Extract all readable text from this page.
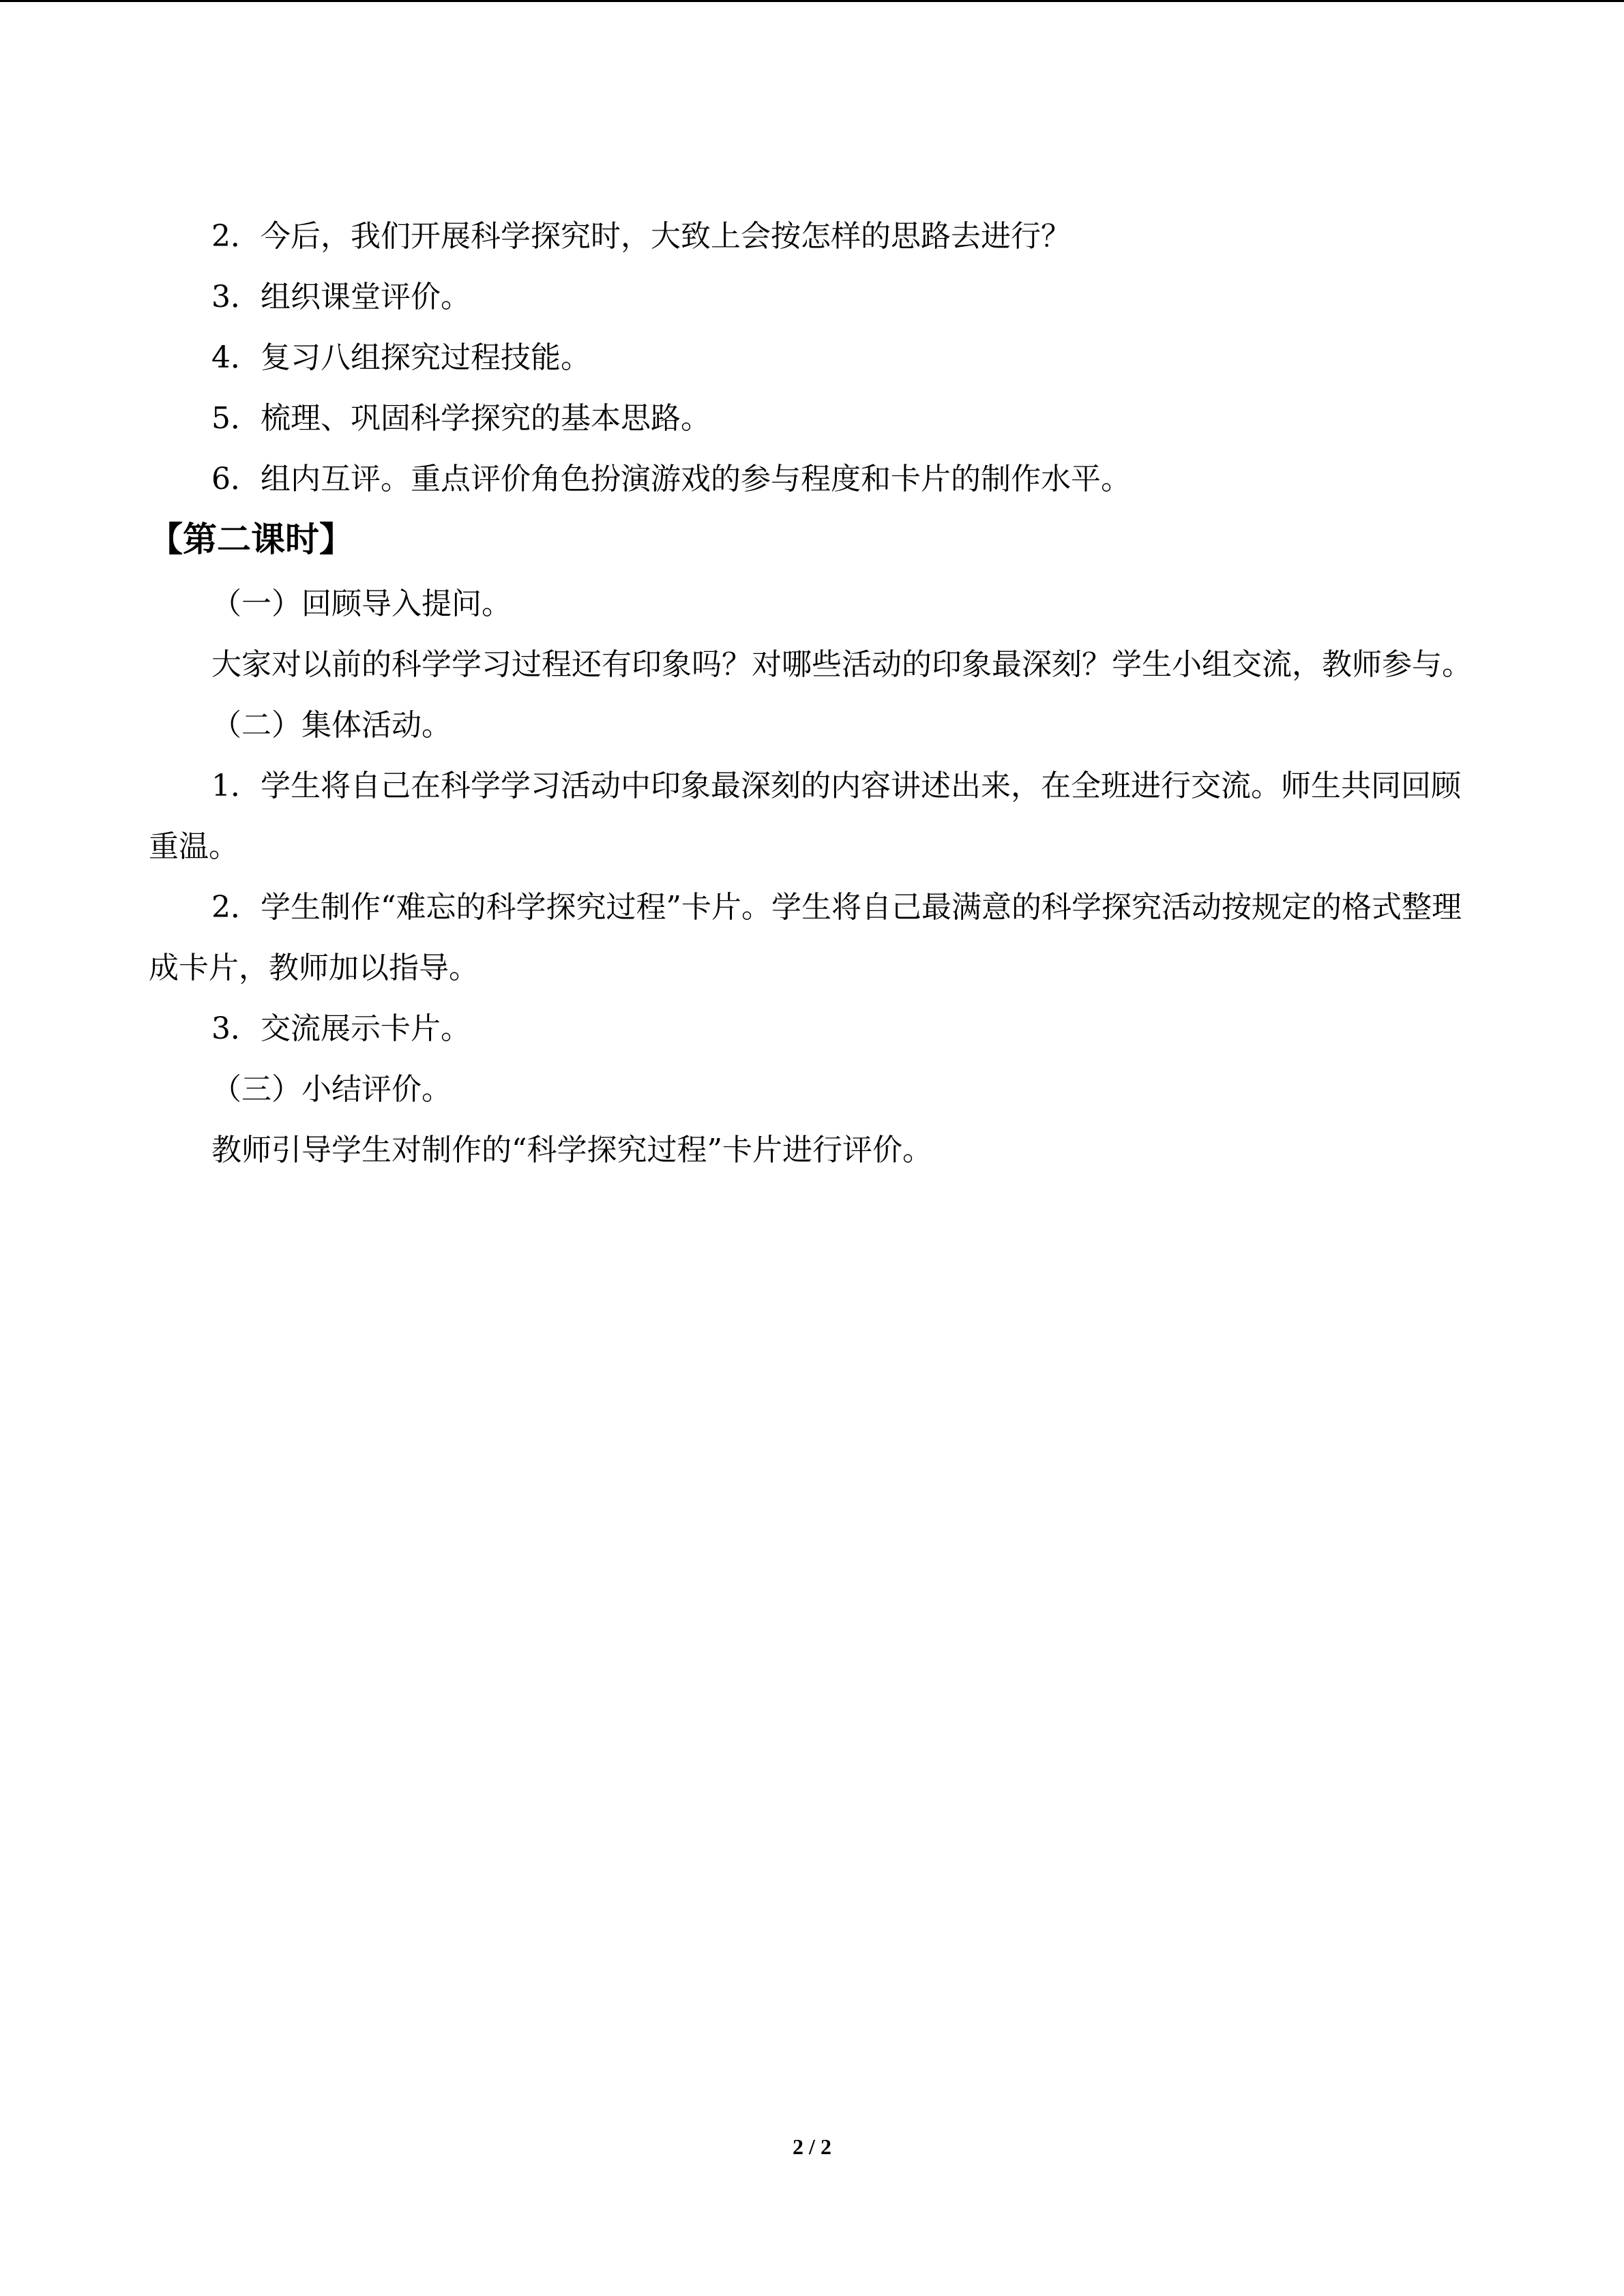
2．今后，我们开展科学探究时，大致上会按怎样的思路去进行？

3．组织课堂评价。

4．复习八组探究过程技能。

5．梳理、巩固科学探究的基本思路。

6．组内互评。重点评价角色扮演游戏的参与程度和卡片的制作水平。

【第二课时】

（一）回顾导入提问。

大家对以前的科学学习过程还有印象吗？对哪些活动的印象最深刻？学生小组交流，教师参与。

（二）集体活动。

1．学生将自己在科学学习活动中印象最深刻的内容讲述出来，在全班进行交流。师生共同回顾重温。

2．学生制作“难忘的科学探究过程”卡片。学生将自己最满意的科学探究活动按规定的格式整理成卡片，教师加以指导。

3．交流展示卡片。

（三）小结评价。

教师引导学生对制作的“科学探究过程”卡片进行评价。

2 / 2
